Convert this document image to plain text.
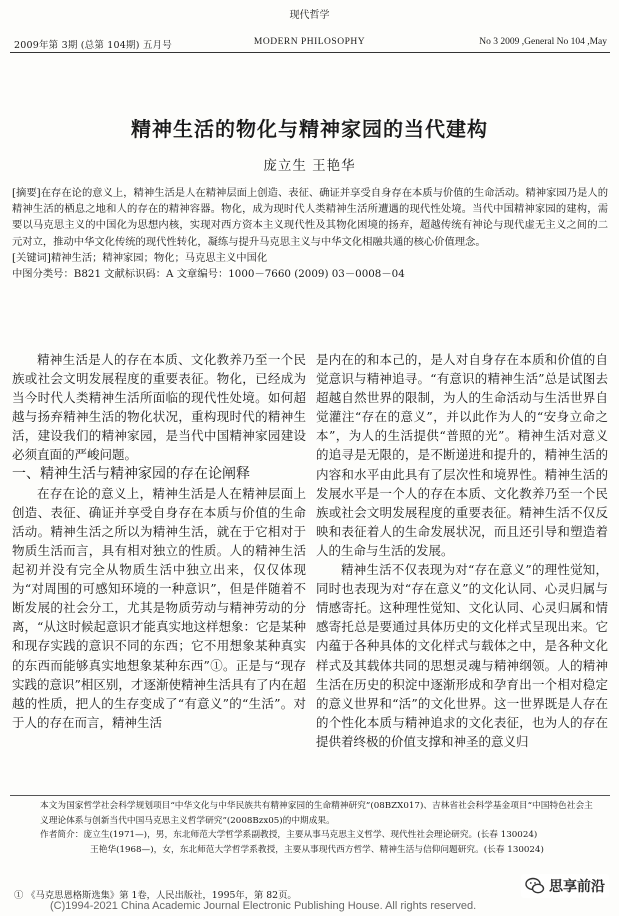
现代哲学
2009年第 3期 (总第 104期) 五月号	MODERN PHILOSOPHY	No 3 2009 ,General No 104 ,May
精神生活的物化与精神家园的当代建构
庞立生 王艳华

[摘要]在存在论的意义上，精神生活是人在精神层面上创造、表征、确证并享受自身存在本质与价值的生命活动。精神家园乃是人的精神生活的栖息之地和人的存在的精神容器。物化，成为现时代人类精神生活所遭遇的现代性处境。当代中国精神家园的建构，需要以马克思主义的中国化为思想内核，实现对西方资本主义现代性及其物化困境的扬弃，超越传统有神论与现代虚无主义之间的二元对立，推动中华文化传统的现代性转化，凝练与提升马克思主义与中华文化相融共通的核心价值理念。

[关键词]精神生活；精神家园；物化；马克思主义中国化

中图分类号：B821 文献标识码：A 文章编号：1000－7660 (2009) 03－0008－04

精神生活是人的存在本质、文化教养乃至一个民族或社会文明发展程度的重要表征。物化，已经成为当今时代人类精神生活所面临的现代性处境。如何超越与扬弃精神生活的物化状况，重构现时代的精神生活，建设我们的精神家园，是当代中国精神家园建设必须直面的严峻问题。

一、精神生活与精神家园的存在论阐释

在存在论的意义上，精神生活是人在精神层面上创造、表征、确证并享受自身存在本质与价值的生命活动。精神生活之所以为精神生活，就在于它相对于物质生活而言，具有相对独立的性质。人的精神生活起初并没有完全从物质生活中独立出来，仅仅体现为“对周围的可感知环境的一种意识”，但是伴随着不断发展的社会分工，尤其是物质劳动与精神劳动的分离，“从这时候起意识才能真实地这样想象：它是某种和现存实践的意识不同的东西；它不用想象某种真实的东西而能够真实地想象某种东西”①。正是与“现存实践的意识”相区别，才逐渐使精神生活具有了内在超越的性质，把人的生存变成了“有意义”的“生活”。对于人的存在而言，精神生活

是内在的和本己的，是人对自身存在本质和价值的自觉意识与精神追寻。“有意识的精神生活”总是试图去超越自然世界的限制，为人的生命活动与生活世界自觉灌注“存在的意义”，并以此作为人的“安身立命之本”，为人的生活提供“普照的光”。精神生活对意义的追寻是无限的，是不断递进和提升的，精神生活的内容和水平由此具有了层次性和境界性。精神生活的发展水平是一个人的存在本质、文化教养乃至一个民族或社会文明发展程度的重要表征。精神生活不仅反映和表征着人的生命发展状况，而且还引导和塑造着人的生命与生活的发展。

精神生活不仅表现为对“存在意义”的理性觉知，同时也表现为对“存在意义”的文化认同、心灵归属与情感寄托。这种理性觉知、文化认同、心灵归属和情感寄托总是要通过具体历史的文化样式呈现出来。它内蕴于各种具体的文化样式与载体之中，是各种文化样式及其载体共同的思想灵魂与精神纲领。人的精神生活在历史的积淀中逐渐形成和孕育出一个相对稳定的意义世界和“活”的文化世界。这一世界既是人存在的个性化本质与精神追求的文化表征，也为人的存在提供着终极的价值支撑和神圣的意义归

本文为国家哲学社会科学规划项目“中华文化与中华民族共有精神家园的生命精神研究”(08BZX017)、吉林省社会科学基金项目“中国特色社会主义理论体系与创新当代中国马克思主义哲学研究”(2008Bzx05)的中期成果。

作者简介：庞立生(1971—)，男，东北师范大学哲学系副教授，主要从事马克思主义哲学、现代性社会理论研究。(长春 130024)

王艳华(1968—)，女，东北师范大学哲学系教授，主要从事现代西方哲学、精神生活与信仰问题研究。(长春 130024)

① 《马克思恩格斯选集》第 1卷，人民出版社，1995年，第 82页。
(C)1994-2021 China Academic Journal Electronic Publishing House. All rights reserved.
思享前沿
